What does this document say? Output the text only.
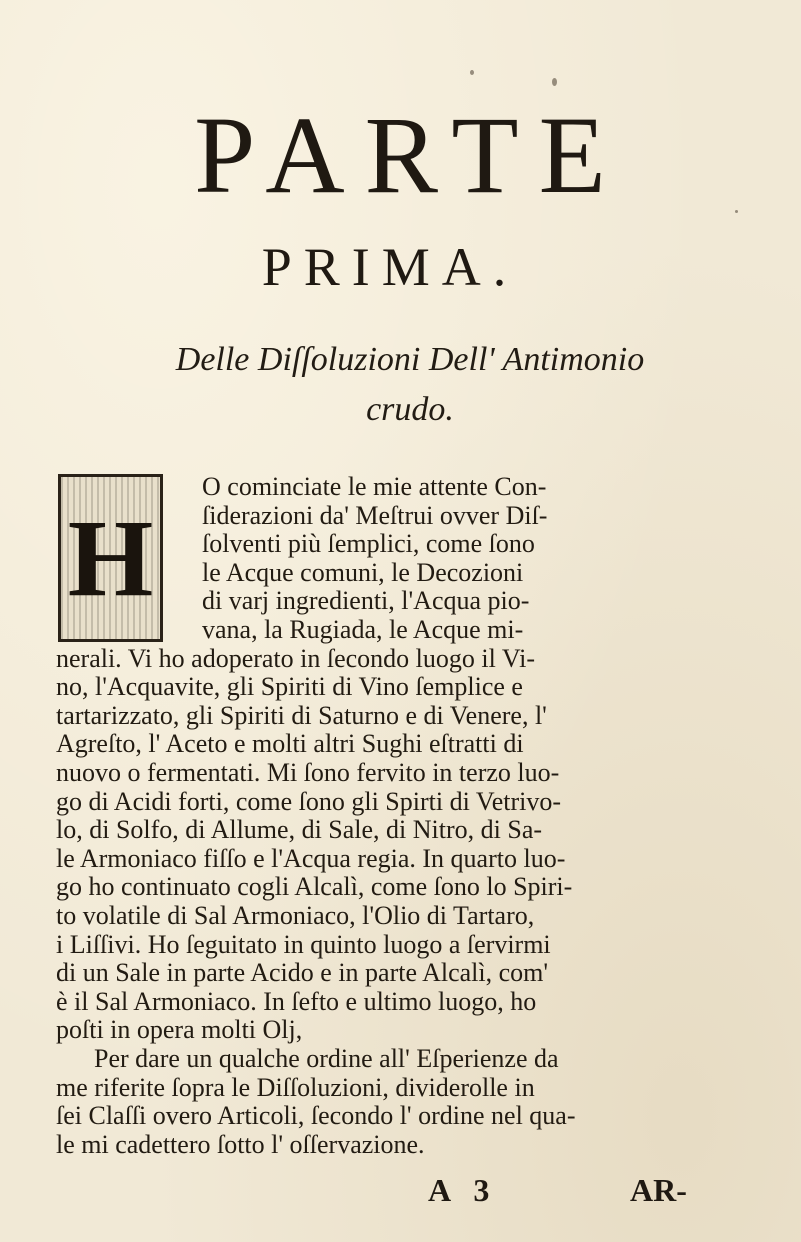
PARTE
PRIMA.
Delle Diſſoluzioni Dell' Antimonio
crudo.
H
O cominciate le mie attente Con-
ſiderazioni da' Meſtrui ovver Diſ-
ſolventi più ſemplici, come ſono
le Acque comuni, le Decozioni
di varj ingredienti, l'Acqua pio-
vana, la Rugiada, le Acque mi-
nerali. Vi ho adoperato in ſecondo luogo il Vi-
no, l'Acquavite, gli Spiriti di Vino ſemplice e
tartarizzato, gli Spiriti di Saturno e di Venere, l'
Agreſto, l' Aceto e molti altri Sughi eſtratti di
nuovo o fermentati. Mi ſono fervito in terzo luo-
go di Acidi forti, come ſono gli Spirti di Vetrivo-
lo, di Solfo, di Allume, di Sale, di Nitro, di Sa-
le Armoniaco fiſſo e l'Acqua regia. In quarto luo-
go ho continuato cogli Alcalì, come ſono lo Spiri-
to volatile di Sal Armoniaco, l'Olio di Tartaro,
i Liſſivi. Ho ſeguitato in quinto luogo a ſervirmi
di un Sale in parte Acido e in parte Alcalì, com'
è il Sal Armoniaco. In ſefto e ultimo luogo, ho
poſti in opera molti Olj,
Per dare un qualche ordine all' Eſperienze da
me riferite ſopra le Diſſoluzioni, dividerolle in
ſei Claſſi overo Articoli, ſecondo l' ordine nel qua-
le mi cadettero ſotto l' oſſervazione.
A 3	AR-
